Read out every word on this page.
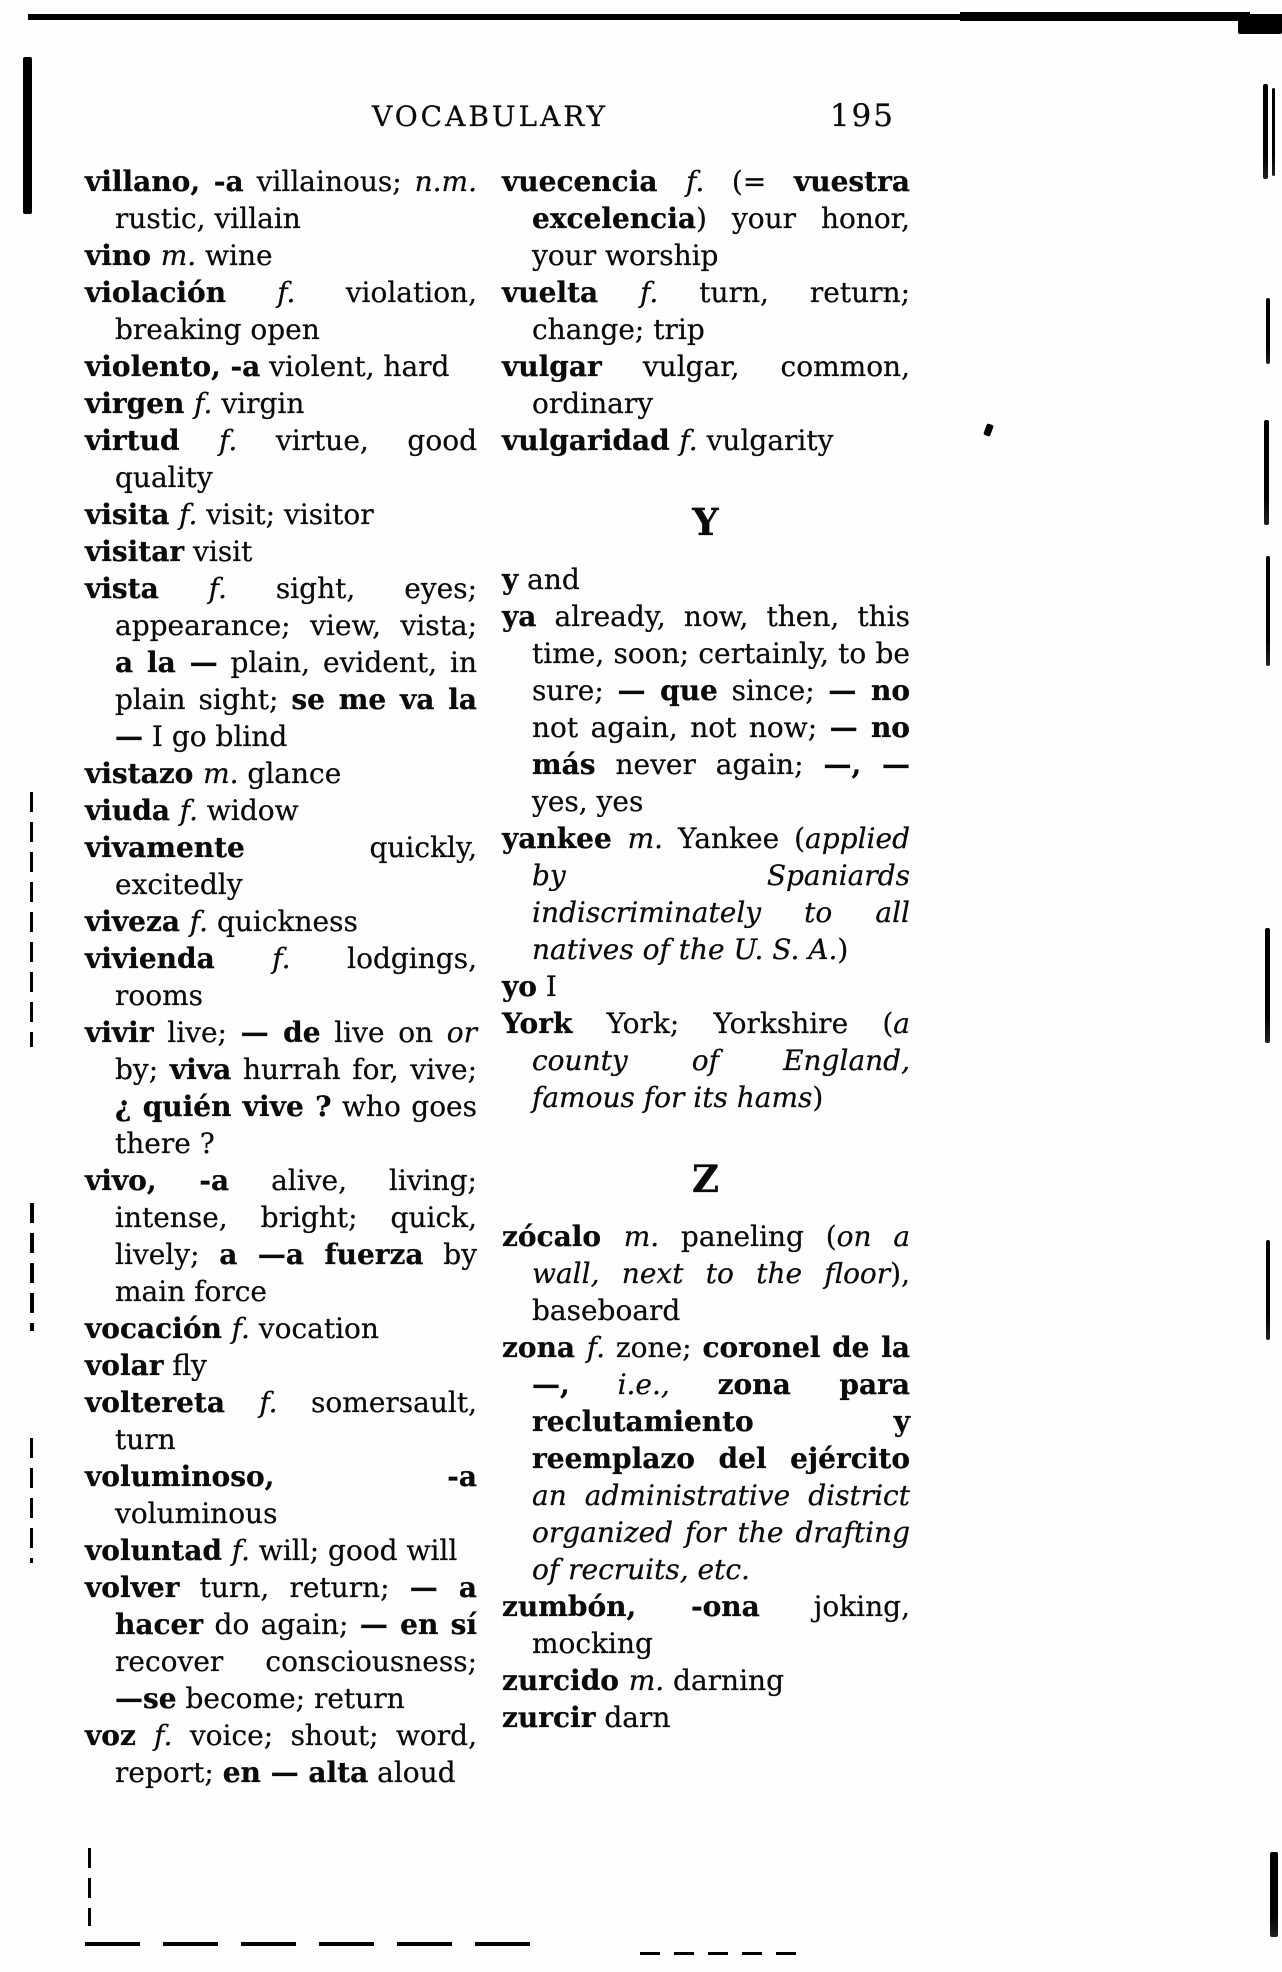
VOCABULARY	195
villano, -a villainous; n.m. rustic, villain
vino m. wine
violación f. violation, breaking open
violento, -a violent, hard
virgen f. virgin
virtud f. virtue, good quality
visita f. visit; visitor
visitar visit
vista f. sight, eyes; appearance; view, vista; a la — plain, evident, in plain sight; se me va la — I go blind
vistazo m. glance
viuda f. widow
vivamente quickly, excitedly
viveza f. quickness
vivienda f. lodgings, rooms
vivir live; — de live on or by; viva hurrah for, vive; ¿ quién vive ? who goes there ?
vivo, -a alive, living; intense, bright; quick, lively; a —a fuerza by main force
vocación f. vocation
volar fly
voltereta f. somersault, turn
voluminoso, -a voluminous
voluntad f. will; good will
volver turn, return; — a hacer do again; — en sí recover consciousness; —se become; return
voz f. voice; shout; word, report; en — alta aloud
vuecencia f. (= vuestra excelencia) your honor, your worship
vuelta f. turn, return; change; trip
vulgar vulgar, common, ordinary
vulgaridad f. vulgarity
Y
y and
ya already, now, then, this time, soon; certainly, to be sure; — que since; — no not again, not now; — no más never again; —, — yes, yes
yankee m. Yankee (applied by Spaniards indiscriminately to all natives of the U. S. A.)
yo I
York York; Yorkshire (a county of England, famous for its hams)
Z
zócalo m. paneling (on a wall, next to the floor), baseboard
zona f. zone; coronel de la —, i.e., zona para reclutamiento y reemplazo del ejército an administrative district organized for the drafting of recruits, etc.
zumbón, -ona joking, mocking
zurcido m. darning
zurcir darn
